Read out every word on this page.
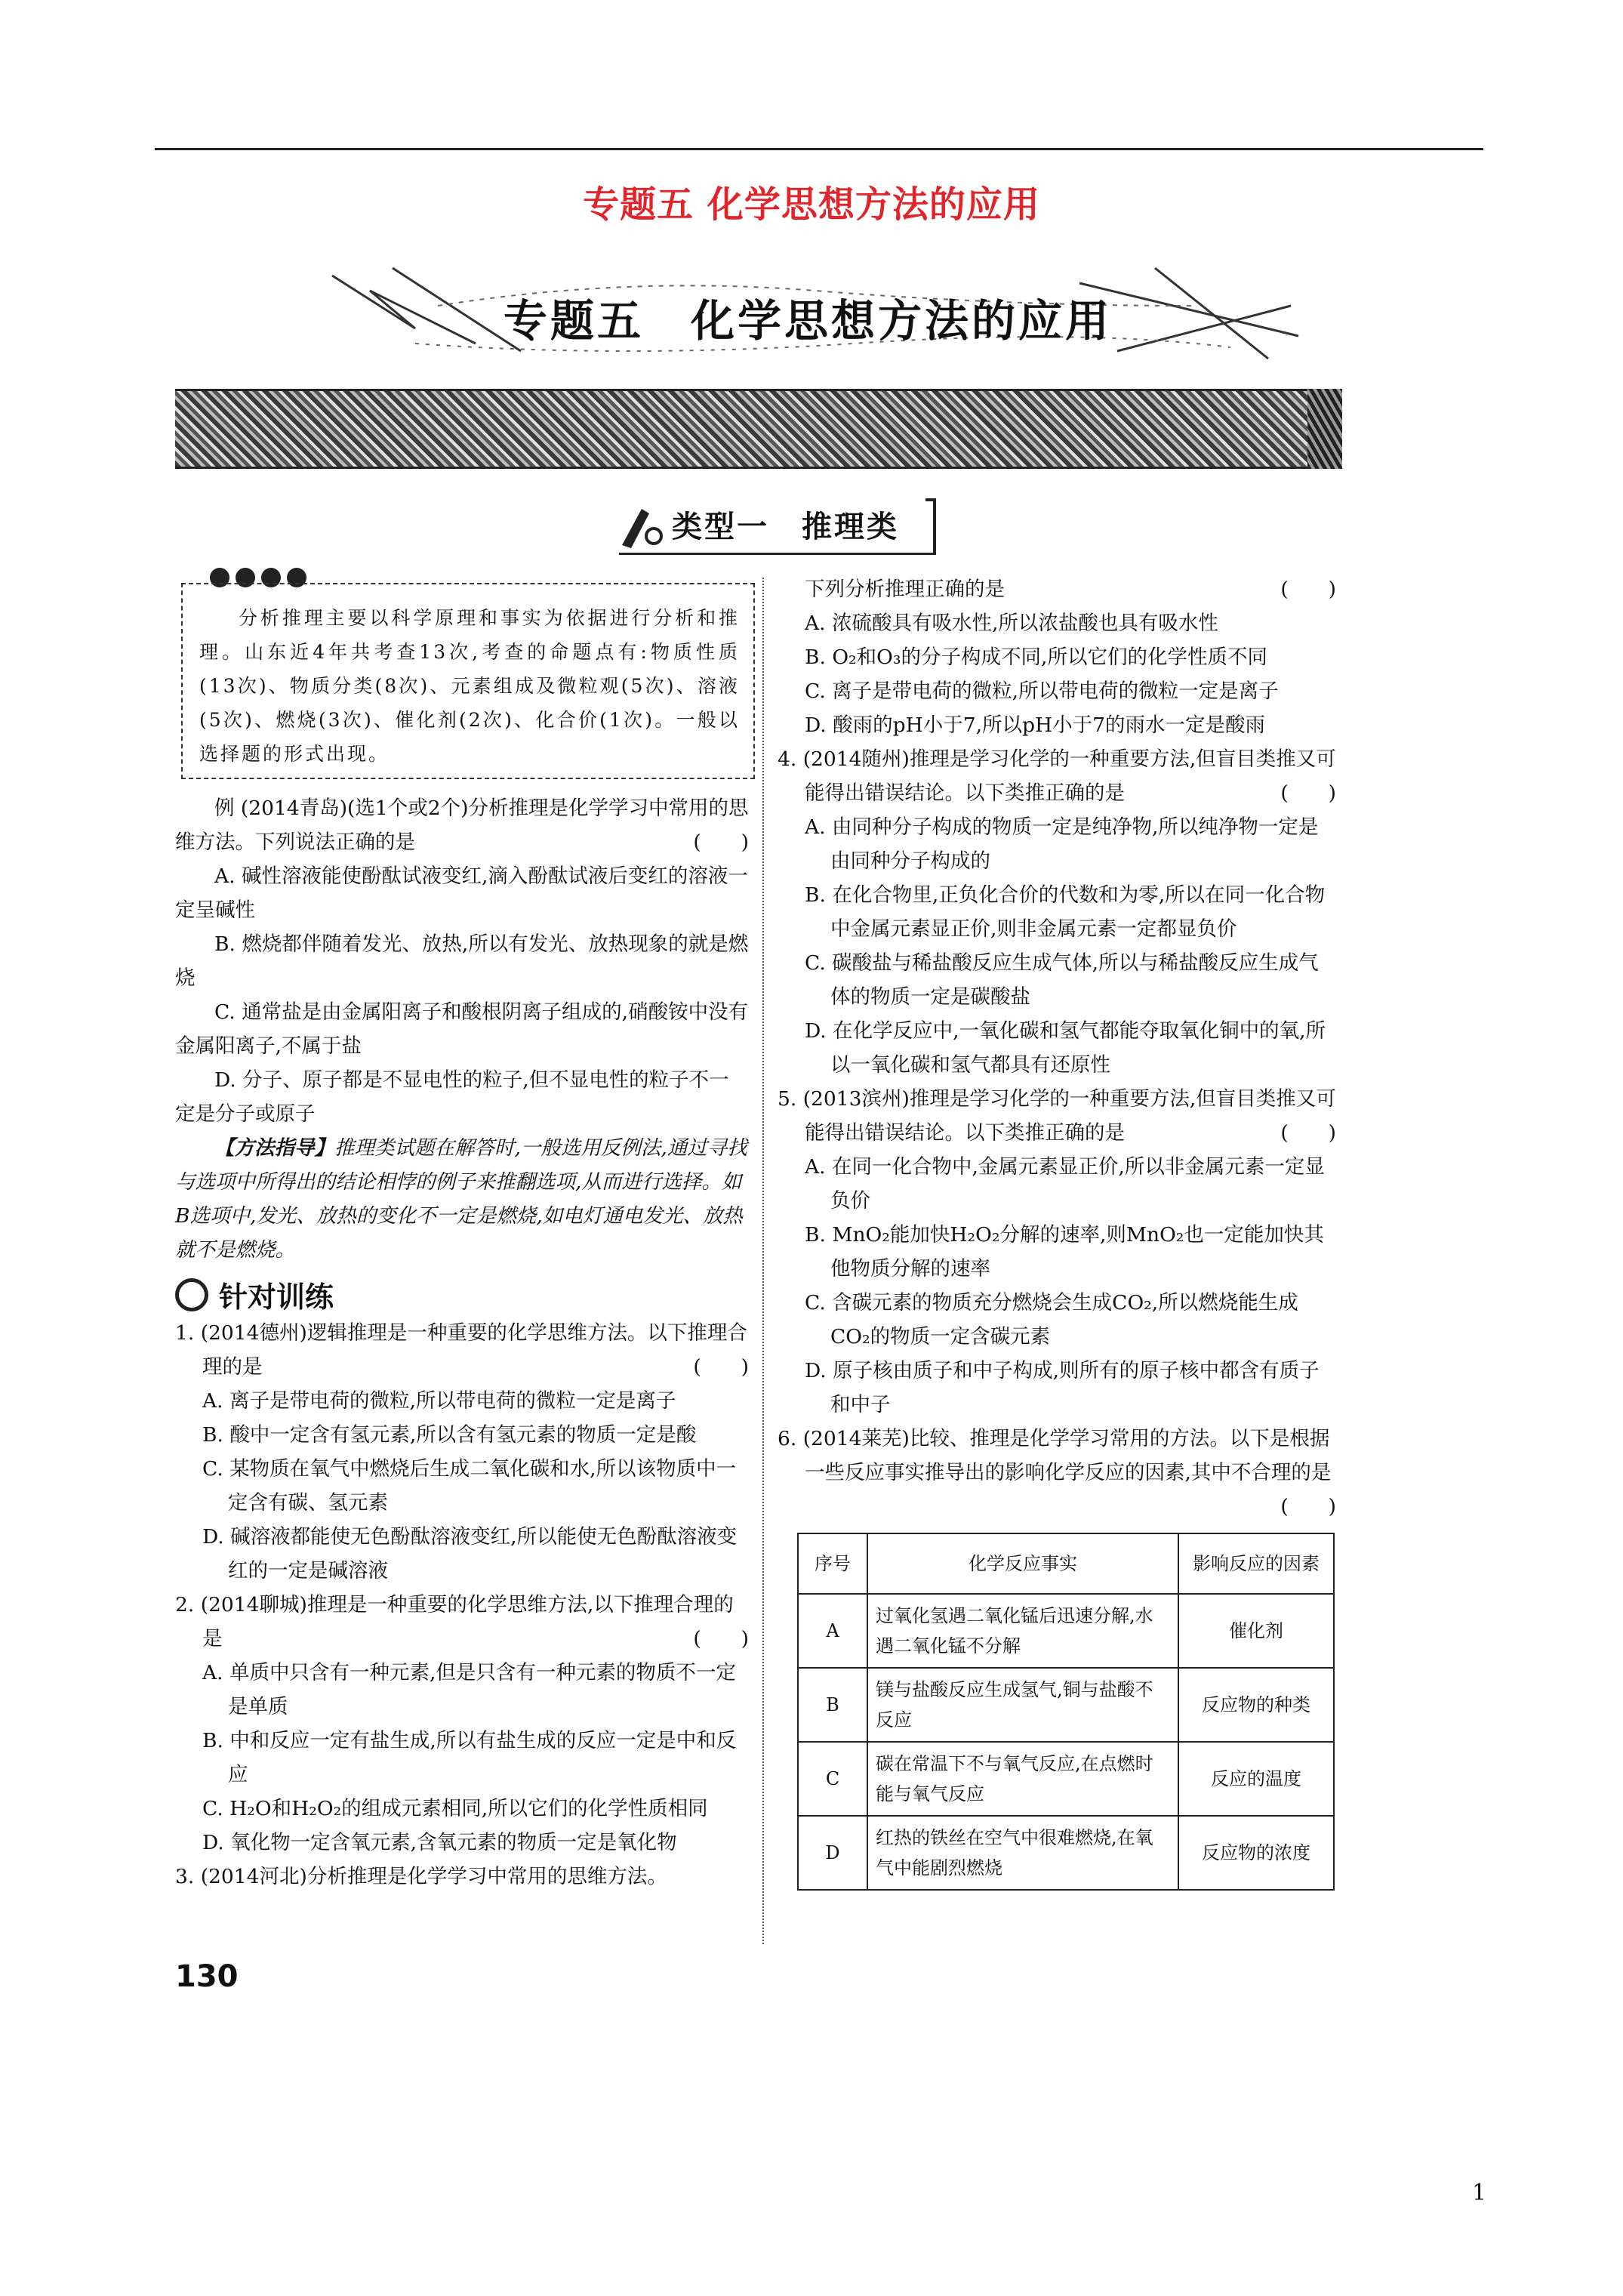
专题五 化学思想方法的应用
专题五　化学思想方法的应用
类型一　推理类

分析推理主要以科学原理和事实为依据进行分析和推理。山东近4年共考查13次,考查的命题点有:物质性质(13次)、物质分类(8次)、元素组成及微粒观(5次)、溶液(5次)、燃烧(3次)、催化剂(2次)、化合价(1次)。一般以选择题的形式出现。

例 (2014青岛)(选1个或2个)分析推理是化学学习中常用的思维方法。下列说法正确的是　　	(　　)

A. 碱性溶液能使酚酞试液变红,滴入酚酞试液后变红的溶液一定呈碱性

B. 燃烧都伴随着发光、放热,所以有发光、放热现象的就是燃烧

C. 通常盐是由金属阳离子和酸根阴离子组成的,硝酸铵中没有金属阳离子,不属于盐

D. 分子、原子都是不显电性的粒子,但不显电性的粒子不一定是分子或原子

【方法指导】推理类试题在解答时,一般选用反例法,通过寻找与选项中所得出的结论相悖的例子来推翻选项,从而进行选择。如B选项中,发光、放热的变化不一定是燃烧,如电灯通电发光、放热就不是燃烧。

针对训练

1. (2014德州)逻辑推理是一种重要的化学思维方法。以下推理合理的是　	(　　)

A. 离子是带电荷的微粒,所以带电荷的微粒一定是离子

B. 酸中一定含有氢元素,所以含有氢元素的物质一定是酸

C. 某物质在氧气中燃烧后生成二氧化碳和水,所以该物质中一定含有碳、氢元素

D. 碱溶液都能使无色酚酞溶液变红,所以能使无色酚酞溶液变红的一定是碱溶液

2. (2014聊城)推理是一种重要的化学思维方法,以下推理合理的是　	(　　)

A. 单质中只含有一种元素,但是只含有一种元素的物质不一定是单质

B. 中和反应一定有盐生成,所以有盐生成的反应一定是中和反应

C. H₂O和H₂O₂的组成元素相同,所以它们的化学性质相同

D. 氧化物一定含氧元素,含氧元素的物质一定是氧化物

3. (2014河北)分析推理是化学学习中常用的思维方法。

下列分析推理正确的是	(　　)

A. 浓硫酸具有吸水性,所以浓盐酸也具有吸水性

B. O₂和O₃的分子构成不同,所以它们的化学性质不同

C. 离子是带电荷的微粒,所以带电荷的微粒一定是离子

D. 酸雨的pH小于7,所以pH小于7的雨水一定是酸雨

4. (2014随州)推理是学习化学的一种重要方法,但盲目类推又可能得出错误结论。以下类推正确的是　	(　　)

A. 由同种分子构成的物质一定是纯净物,所以纯净物一定是由同种分子构成的

B. 在化合物里,正负化合价的代数和为零,所以在同一化合物中金属元素显正价,则非金属元素一定都显负价

C. 碳酸盐与稀盐酸反应生成气体,所以与稀盐酸反应生成气体的物质一定是碳酸盐

D. 在化学反应中,一氧化碳和氢气都能夺取氧化铜中的氧,所以一氧化碳和氢气都具有还原性

5. (2013滨州)推理是学习化学的一种重要方法,但盲目类推又可能得出错误结论。以下类推正确的是　	(　　)

A. 在同一化合物中,金属元素显正价,所以非金属元素一定显负价

B. MnO₂能加快H₂O₂分解的速率,则MnO₂也一定能加快其他物质分解的速率

C. 含碳元素的物质充分燃烧会生成CO₂,所以燃烧能生成CO₂的物质一定含碳元素

D. 原子核由质子和中子构成,则所有的原子核中都含有质子和中子

6. (2014莱芜)比较、推理是化学学习常用的方法。以下是根据一些反应事实推导出的影响化学反应的因素,其中不合理的是　
(　　)

序号	化学反应事实	影响反应的因素
A	过氧化氢遇二氧化锰后迅速分解,水遇二氧化锰不分解	催化剂
B	镁与盐酸反应生成氢气,铜与盐酸不反应	反应物的种类
C	碳在常温下不与氧气反应,在点燃时能与氧气反应	反应的温度
D	红热的铁丝在空气中很难燃烧,在氧气中能剧烈燃烧	反应物的浓度
130
1
